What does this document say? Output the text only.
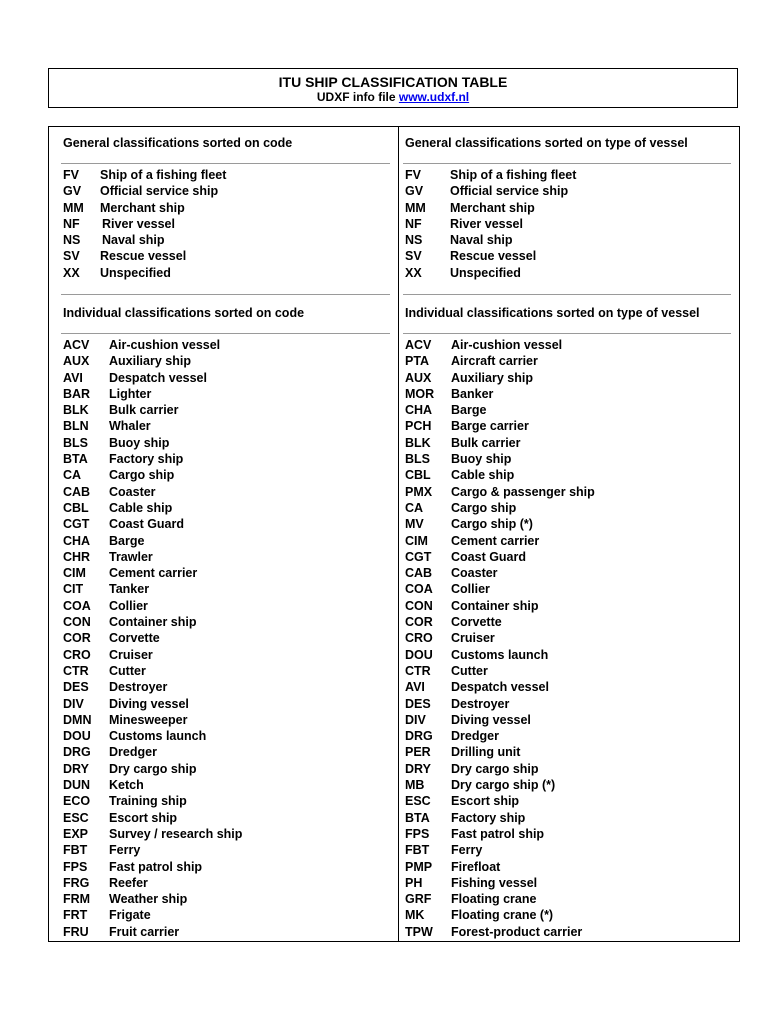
ITU SHIP CLASSIFICATION TABLE
UDXF info file www.udxf.nl
General classifications sorted on code
FV Ship of a fishing fleet
GV Official service ship
MM Merchant ship
NF River vessel
NS Naval ship
SV Rescue vessel
XX Unspecified
Individual classifications sorted on code
ACV Air-cushion vessel
AUX Auxiliary ship
AVI Despatch vessel
BAR Lighter
BLK Bulk carrier
BLN Whaler
BLS Buoy ship
BTA Factory ship
CA Cargo ship
CAB Coaster
CBL Cable ship
CGT Coast Guard
CHA Barge
CHR Trawler
CIM Cement carrier
CIT Tanker
COA Collier
CON Container ship
COR Corvette
CRO Cruiser
CTR Cutter
DES Destroyer
DIV Diving vessel
DMN Minesweeper
DOU Customs launch
DRG Dredger
DRY Dry cargo ship
DUN Ketch
ECO Training ship
ESC Escort ship
EXP Survey / research ship
FBT Ferry
FPS Fast patrol ship
FRG Reefer
FRM Weather ship
FRT Frigate
FRU Fruit carrier
General classifications sorted on type of vessel
FV Ship of a fishing fleet
GV Official service ship
MM Merchant ship
NF River vessel
NS Naval ship
SV Rescue vessel
XX Unspecified
Individual classifications sorted on type of vessel
ACV Air-cushion vessel
PTA Aircraft carrier
AUX Auxiliary ship
MOR Banker
CHA Barge
PCH Barge carrier
BLK Bulk carrier
BLS Buoy ship
CBL Cable ship
PMX Cargo & passenger ship
CA Cargo ship
MV Cargo ship (*)
CIM Cement carrier
CGT Coast Guard
CAB Coaster
COA Collier
CON Container ship
COR Corvette
CRO Cruiser
DOU Customs launch
CTR Cutter
AVI Despatch vessel
DES Destroyer
DIV Diving vessel
DRG Dredger
PER Drilling unit
DRY Dry cargo ship
MB Dry cargo ship (*)
ESC Escort ship
BTA Factory ship
FPS Fast patrol ship
FBT Ferry
PMP Firefloat
PH Fishing vessel
GRF Floating crane
MK Floating crane (*)
TPW Forest-product carrier
